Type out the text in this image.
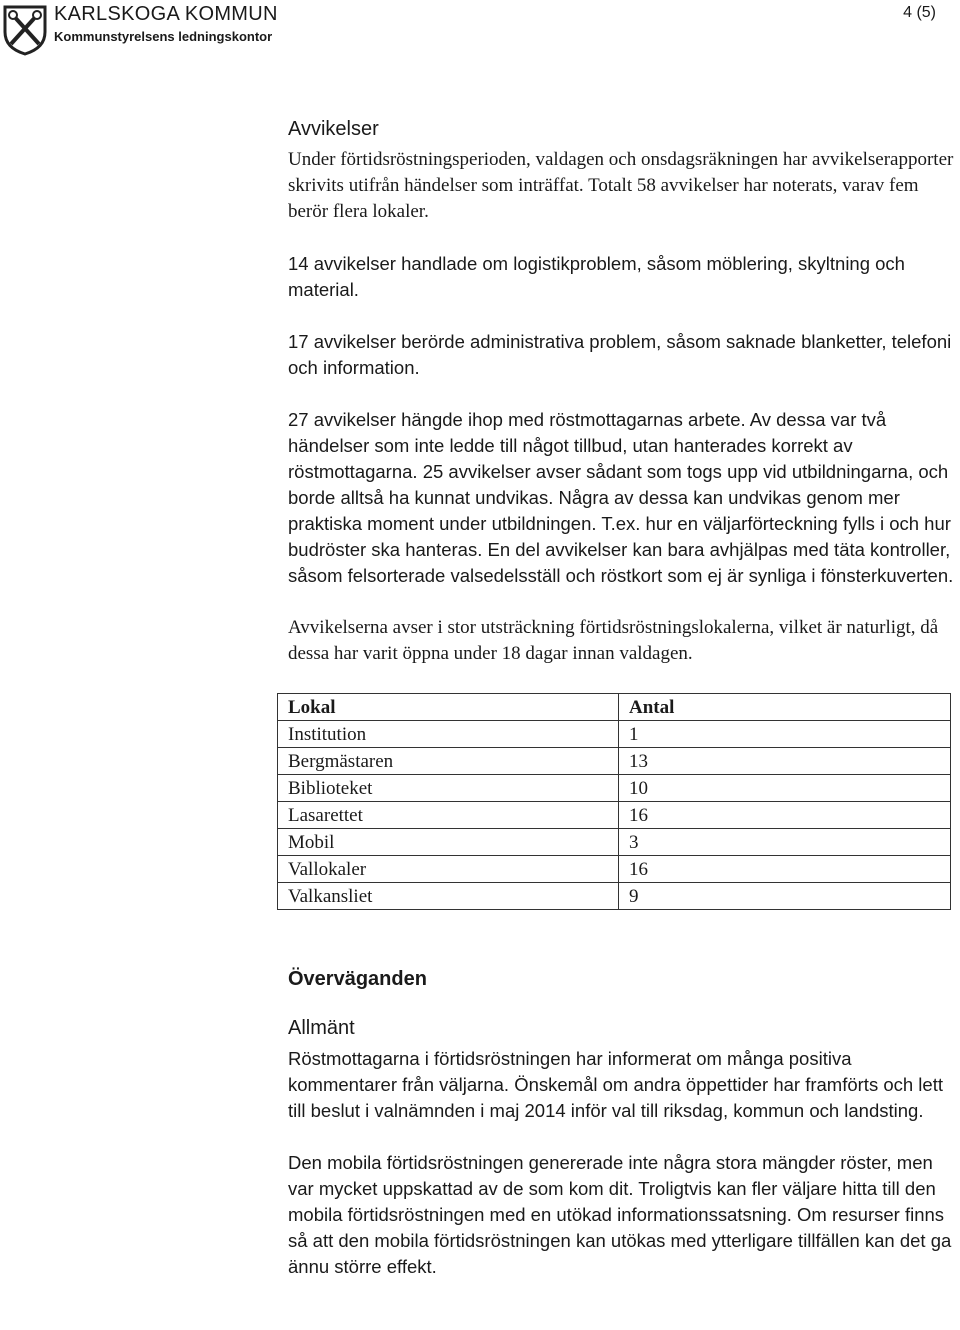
KARLSKOGA KOMMUN
Kommunstyrelsens ledningskontor
4 (5)
Avvikelser

Under förtidsröstningsperioden, valdagen och onsdagsräkningen har avvikelserapporter skrivits utifrån händelser som inträffat. Totalt 58 avvikelser har noterats, varav fem berör flera lokaler.

14 avvikelser handlade om logistikproblem, såsom möblering, skyltning och material.

17 avvikelser berörde administrativa problem, såsom saknade blanketter, telefoni och information.

27 avvikelser hängde ihop med röstmottagarnas arbete. Av dessa var två händelser som inte ledde till något tillbud, utan hanterades korrekt av röstmottagarna. 25 avvikelser avser sådant som togs upp vid utbildningarna, och borde alltså ha kunnat undvikas. Några av dessa kan undvikas genom mer praktiska moment under utbildningen. T.ex. hur en väljarförteckning fylls i och hur budröster ska hanteras. En del avvikelser kan bara avhjälpas med täta kontroller, såsom felsorterade valsedelsställ och röstkort som ej är synliga i fönsterkuverten.

Avvikelserna avser i stor utsträckning förtidsröstningslokalerna, vilket är naturligt, då dessa har varit öppna under 18 dagar innan valdagen.

Lokal	Antal
Institution	1
Bergmästaren	13
Biblioteket	10
Lasarettet	16
Mobil	3
Vallokaler	16
Valkansliet	9
Överväganden
Allmänt

Röstmottagarna i förtidsröstningen har informerat om många positiva kommentarer från väljarna. Önskemål om andra öppettider har framförts och lett till beslut i valnämnden i maj 2014 inför val till riksdag, kommun och landsting.

Den mobila förtidsröstningen genererade inte några stora mängder röster, men var mycket uppskattad av de som kom dit. Troligtvis kan fler väljare hitta till den mobila förtidsröstningen med en utökad informationssatsning. Om resurser finns så att den mobila förtidsröstningen kan utökas med ytterligare tillfällen kan det ga ännu större effekt.
